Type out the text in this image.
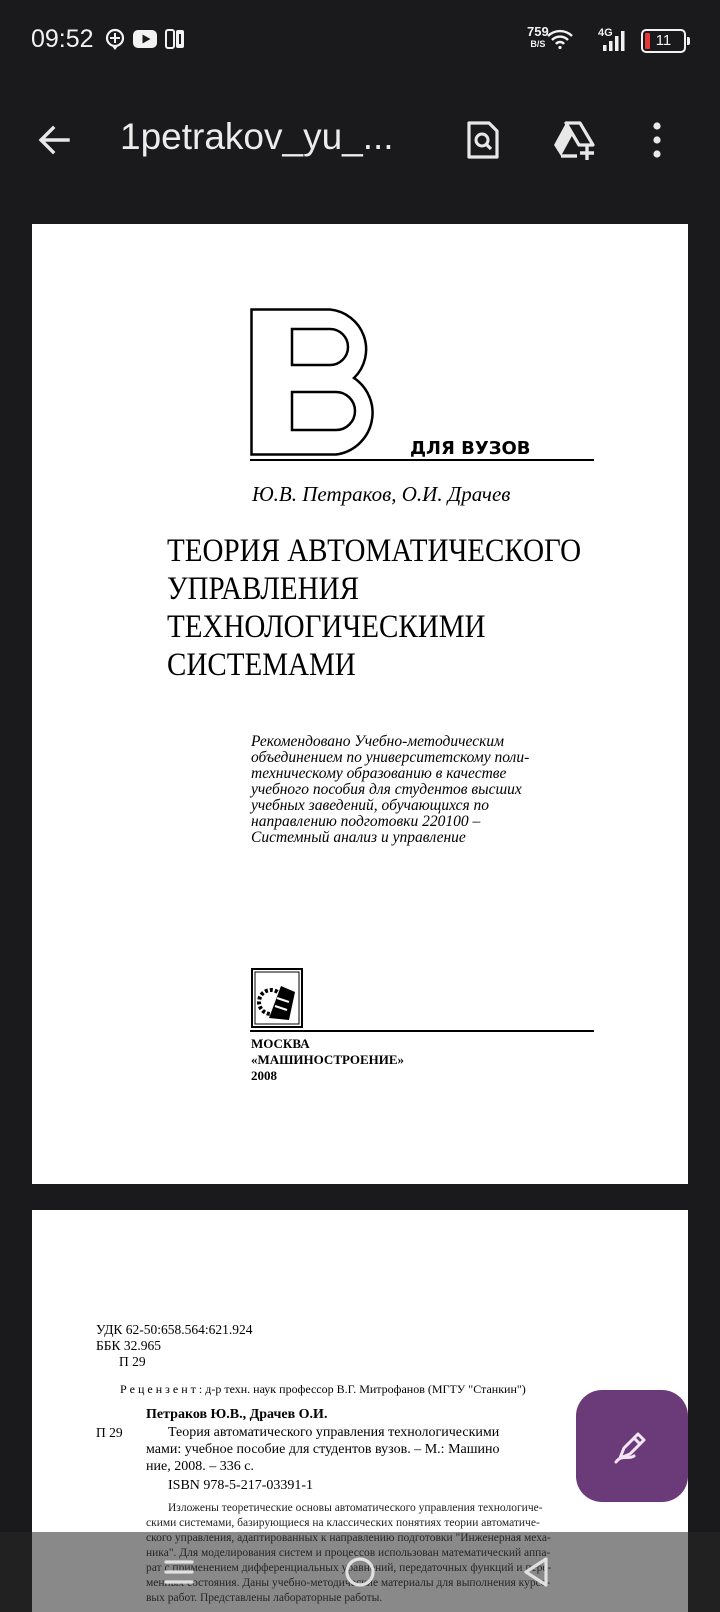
09:52	759
B/S
4G	11
1petrakov_yu_...
ДЛЯ ВУЗОВ
Ю.В. Петраков, О.И. Драчев
ТЕОРИЯ АВТОМАТИЧЕСКОГО
УПРАВЛЕНИЯ
ТЕХНОЛОГИЧЕСКИМИ
СИСТЕМАМИ
Рекомендовано Учебно-методическим
объединением по университетскому поли-
техническому образованию в качестве
учебного пособия для студентов высших
учебных заведений, обучающихся по
направлению подготовки 220100 –
Системный анализ и управление
МОСКВА
«МАШИНОСТРОЕНИЕ»
2008
УДК 62-50:658.564:621.924
ББК 32.965
П 29
Р е ц е н з е н т : д-р техн. наук профессор В.Г. Митрофанов (МГТУ "Станкин")
Петраков Ю.В., Драчев О.И.
П 29	Теория автоматического управления технологическими
мами: учебное пособие для студентов вузов. – М.: Машино
ние, 2008. – 336 с.
ISBN 978-5-217-03391-1
Изложены теоретические основы автоматического управления технологиче-
скими системами, базирующиеся на классических понятиях теории автоматиче-
